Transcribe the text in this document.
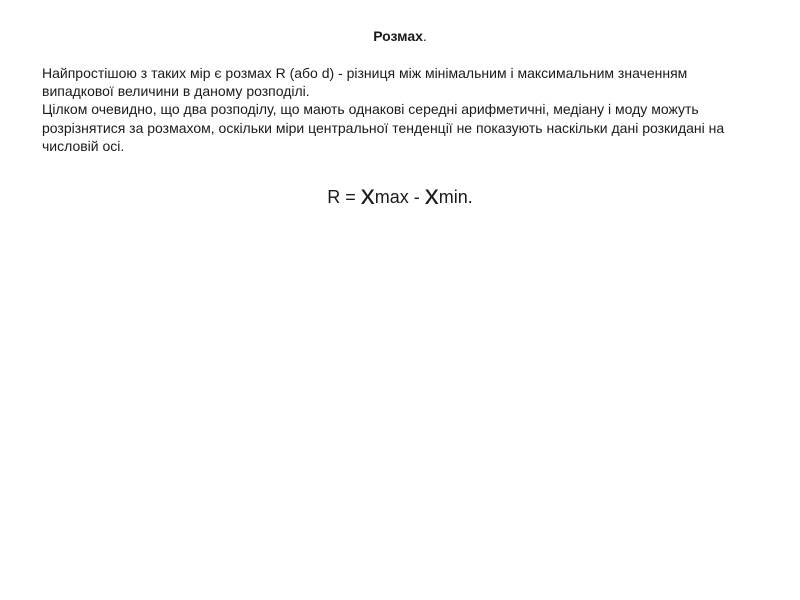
Розмах.

Найпростішою з таких мір є розмах R (або d) - різниця між мінімальним і максимальним значенням випадкової величини в даному розподілі.

Цілком очевидно, що два розподілу, що мають однакові середні арифметичні, медіану і моду можуть розрізнятися за розмахом, оскільки міри центральної тенденції не показують наскільки дані розкидані на числовій осі.

R = xmax - xmin.
